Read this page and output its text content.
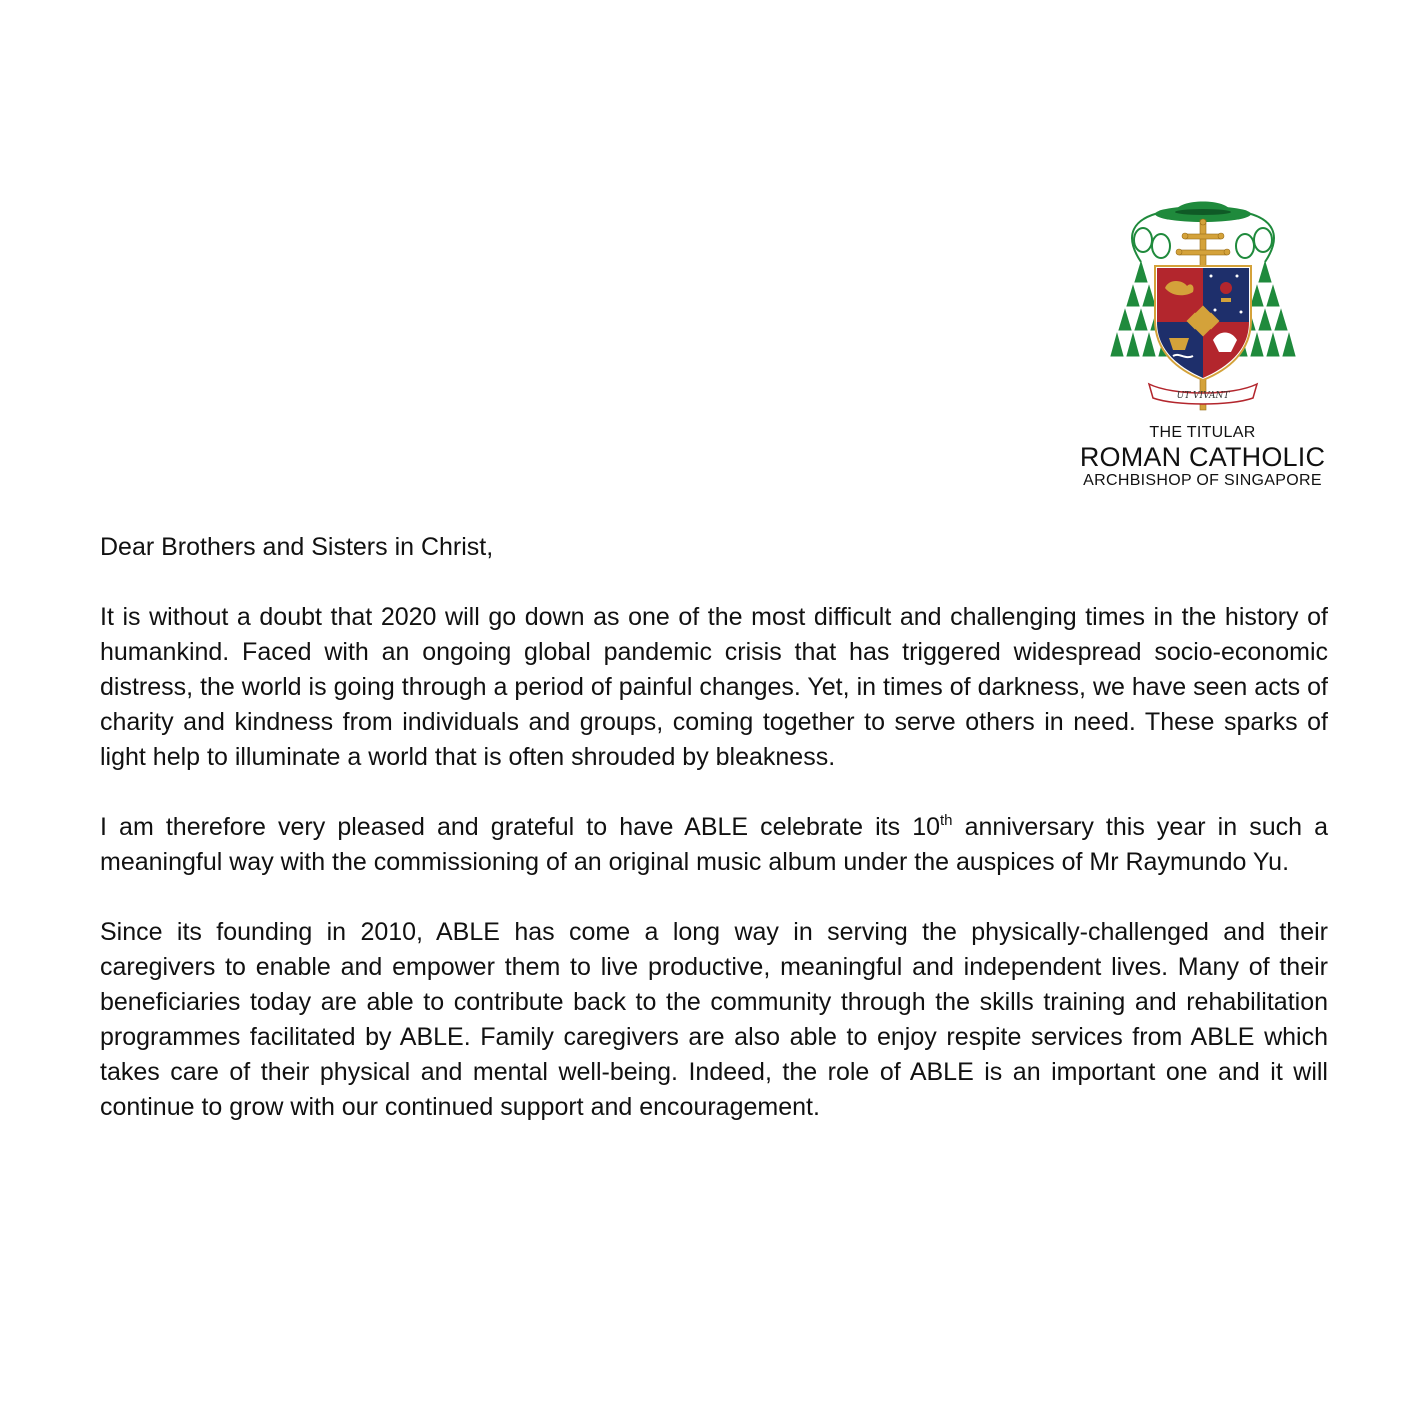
UT VIVANT
THE TITULAR
ROMAN CATHOLIC
ARCHBISHOP OF SINGAPORE

Dear Brothers and Sisters in Christ,

It is without a doubt that 2020 will go down as one of the most difficult and challenging times in the history of humankind. Faced with an ongoing global pandemic crisis that has triggered widespread socio-economic distress, the world is going through a period of painful changes. Yet, in times of darkness, we have seen acts of charity and kindness from individuals and groups, coming together to serve others in need. These sparks of light help to illuminate a world that is often shrouded by bleakness.

I am therefore very pleased and grateful to have ABLE celebrate its 10th anniversary this year in such a meaningful way with the commissioning of an original music album under the auspices of Mr Raymundo Yu.

Since its founding in 2010, ABLE has come a long way in serving the physically-challenged and their caregivers to enable and empower them to live productive, meaningful and independent lives. Many of their beneficiaries today are able to contribute back to the community through the skills training and rehabilitation programmes facilitated by ABLE. Family caregivers are also able to enjoy respite services from ABLE which takes care of their physical and mental well-being. Indeed, the role of ABLE is an important one and it will continue to grow with our continued support and encouragement.
